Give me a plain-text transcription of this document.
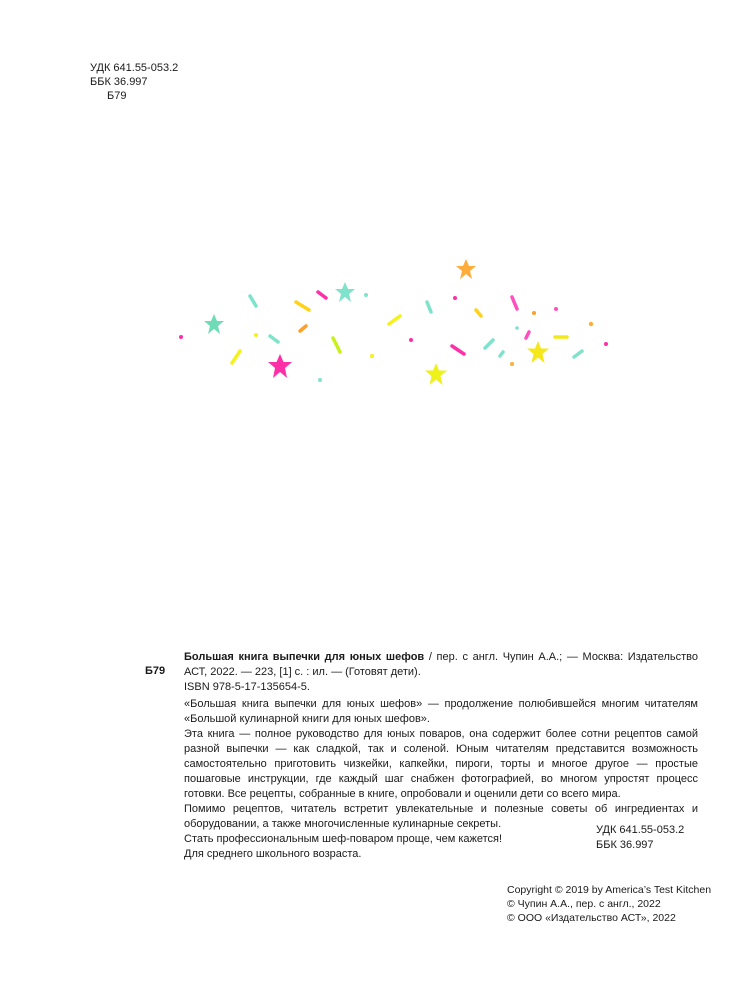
УДК 641.55-053.2
ББК 36.997
Б79
Б79

Большая книга выпечки для юных шефов / пер. с англ. Чупин А.А.; — Москва: Издательство АСТ, 2022. — 223, [1] с. : ил. — (Готовят дети).

ISBN 978-5-17-135654-5.

«Большая книга выпечки для юных шефов» — продолжение полюбившейся многим читателям «Большой кулинарной книги для юных шефов».

Эта книга — полное руководство для юных поваров, она содержит более сотни рецептов самой разной выпечки — как сладкой, так и соленой. Юным читателям представится возможность самостоятельно приготовить чизкейки, капкейки, пироги, торты и многое другое — простые пошаговые инструкции, где каждый шаг снабжен фотографией, во многом упростят процесс готовки. Все рецепты, собранные в книге, опробовали и оценили дети со всего мира.

Помимо рецептов, читатель встретит увлекательные и полезные советы об ингредиентах и оборудовании, а также многочисленные кулинарные секреты.

Стать профессиональным шеф-поваром проще, чем кажется!

Для среднего школьного возраста.

УДК 641.55-053.2
ББК 36.997
Copyright © 2019 by America’s Test Kitchen
© Чупин А.А., пер. с англ., 2022
© ООО «Издательство АСТ», 2022
